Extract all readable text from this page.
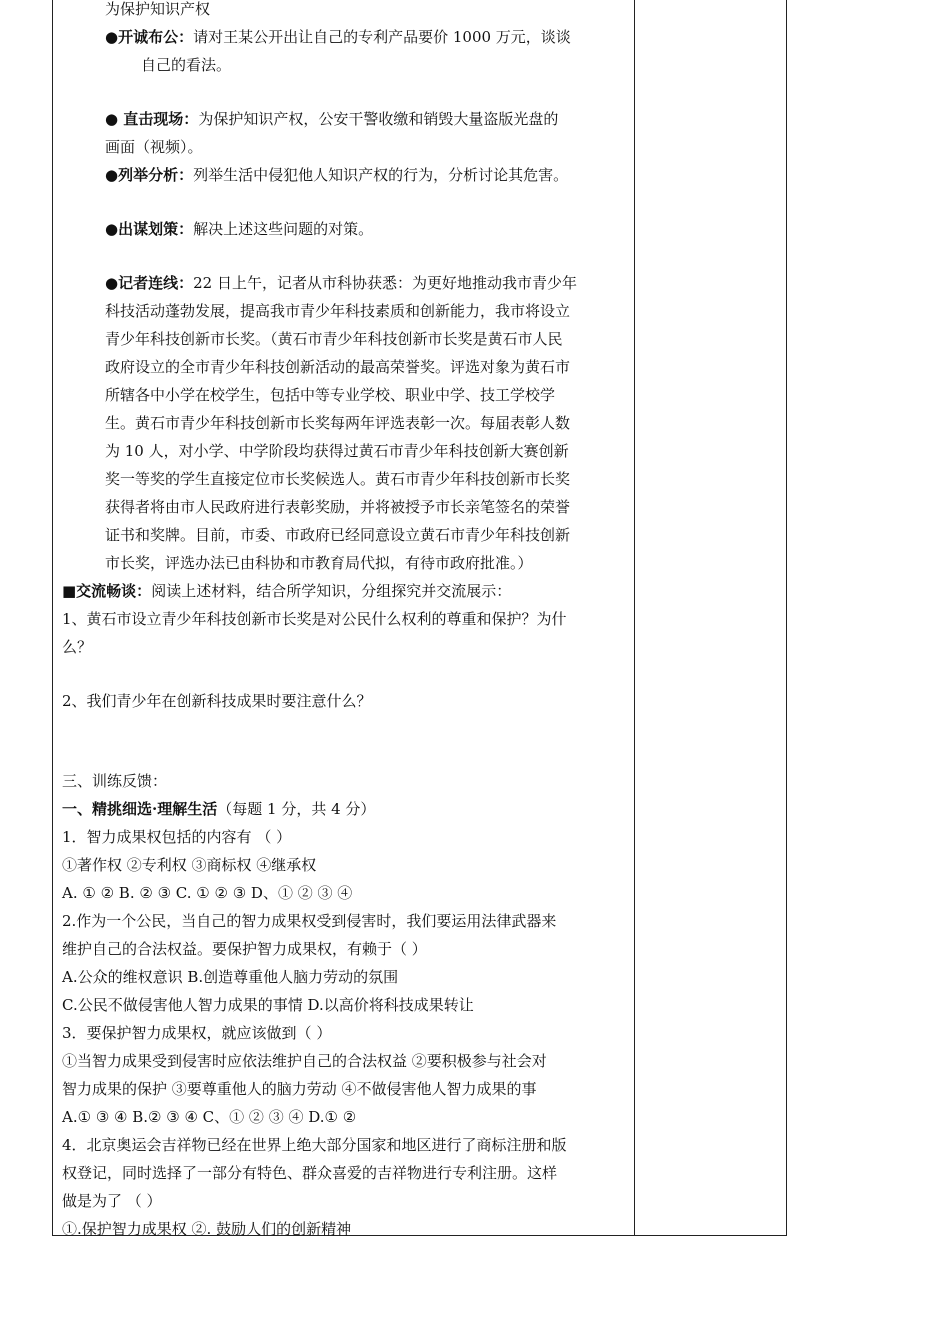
为保护知识产权
●开诚布公：请对王某公开出让自己的专利产品要价 1000 万元，谈谈
自己的看法。
● 直击现场：为保护知识产权，公安干警收缴和销毁大量盗版光盘的
画面（视频）。
●列举分析：列举生活中侵犯他人知识产权的行为，分析讨论其危害。
●出谋划策：解决上述这些问题的对策。
●记者连线：22 日上午，记者从市科协获悉：为更好地推动我市青少年
科技活动蓬勃发展，提高我市青少年科技素质和创新能力，我市将设立
青少年科技创新市长奖。（黄石市青少年科技创新市长奖是黄石市人民
政府设立的全市青少年科技创新活动的最高荣誉奖。评选对象为黄石市
所辖各中小学在校学生，包括中等专业学校、职业中学、技工学校学
生。黄石市青少年科技创新市长奖每两年评选表彰一次。每届表彰人数
为 10 人，对小学、中学阶段均获得过黄石市青少年科技创新大赛创新
奖一等奖的学生直接定位市长奖候选人。黄石市青少年科技创新市长奖
获得者将由市人民政府进行表彰奖励，并将被授予市长亲笔签名的荣誉
证书和奖牌。目前，市委、市政府已经同意设立黄石市青少年科技创新
市长奖，评选办法已由科协和市教育局代拟，有待市政府批准。）
■交流畅谈：阅读上述材料，结合所学知识，分组探究并交流展示：
1、黄石市设立青少年科技创新市长奖是对公民什么权利的尊重和保护？为什
么？
2、我们青少年在创新科技成果时要注意什么？
三、训练反馈：
一、精挑细选·理解生活（每题 1 分，共 4 分）
1．智力成果权包括的内容有 （ ）
①著作权 ②专利权 ③商标权 ④继承权
A. ① ② B. ② ③ C. ① ② ③ D、① ② ③ ④
2.作为一个公民，当自己的智力成果权受到侵害时，我们要运用法律武器来
维护自己的合法权益。要保护智力成果权，有赖于（ ）
A.公众的维权意识 B.创造尊重他人脑力劳动的氛围
C.公民不做侵害他人智力成果的事情 D.以高价将科技成果转让
3．要保护智力成果权，就应该做到（ ）
①当智力成果受到侵害时应依法维护自己的合法权益 ②要积极参与社会对
智力成果的保护 ③要尊重他人的脑力劳动 ④不做侵害他人智力成果的事
A.① ③ ④ B.② ③ ④ C、① ② ③ ④ D.① ②
4．北京奥运会吉祥物已经在世界上绝大部分国家和地区进行了商标注册和版
权登记，同时选择了一部分有特色、群众喜爱的吉祥物进行专利注册。这样
做是为了 （ ）
①.保护智力成果权 ②. 鼓励人们的创新精神
